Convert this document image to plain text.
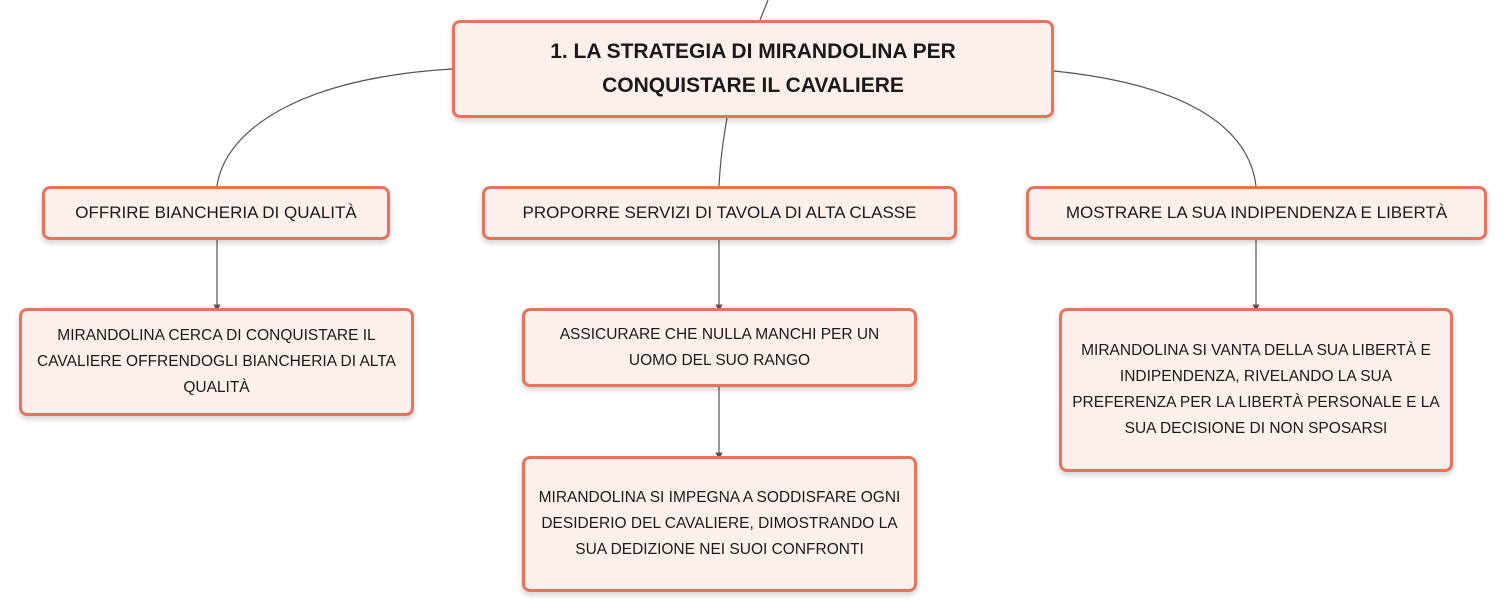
1. LA STRATEGIA DI MIRANDOLINA PER CONQUISTARE IL CAVALIERE
OFFRIRE BIANCHERIA DI QUALITÀ	PROPORRE SERVIZI DI TAVOLA DI ALTA CLASSE	MOSTRARE LA SUA INDIPENDENZA E LIBERTÀ
MIRANDOLINA CERCA DI CONQUISTARE IL CAVALIERE OFFRENDOGLI BIANCHERIA DI ALTA QUALITÀ
ASSICURARE CHE NULLA MANCHI PER UN UOMO DEL SUO RANGO
MIRANDOLINA SI IMPEGNA A SODDISFARE OGNI DESIDERIO DEL CAVALIERE, DIMOSTRANDO LA SUA DEDIZIONE NEI SUOI CONFRONTI
MIRANDOLINA SI VANTA DELLA SUA LIBERTÀ E INDIPENDENZA, RIVELANDO LA SUA PREFERENZA PER LA LIBERTÀ PERSONALE E LA SUA DECISIONE DI NON SPOSARSI
